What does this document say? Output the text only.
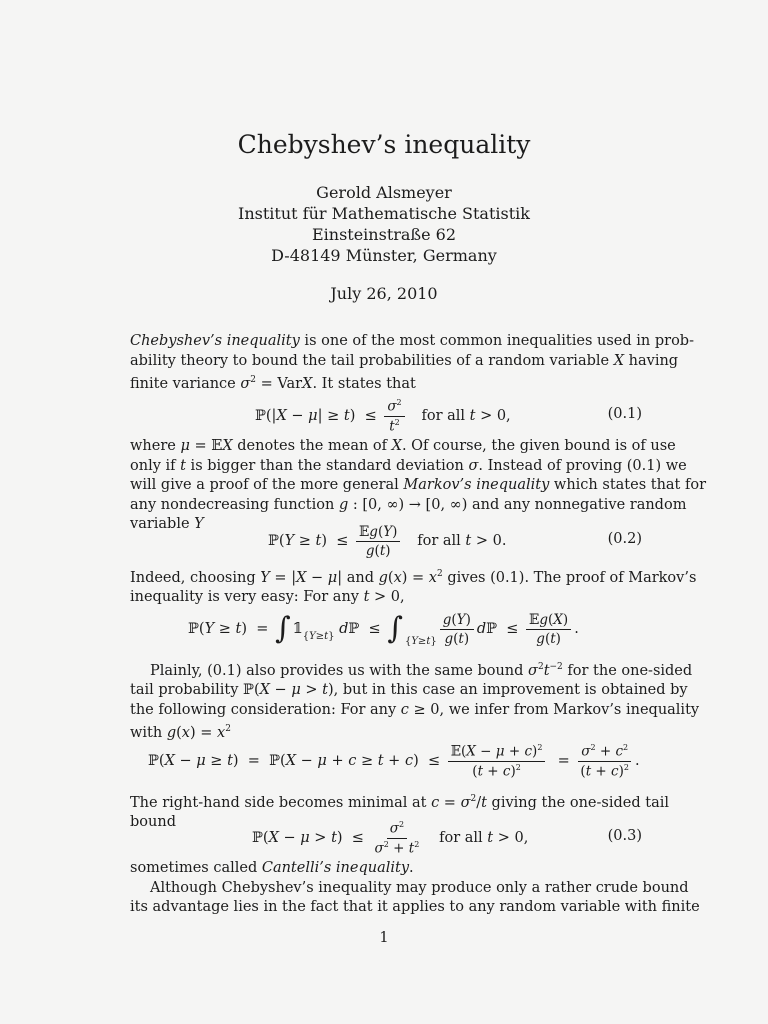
Chebyshev’s inequality
Gerold Alsmeyer
Institut für Mathematische Statistik
Einsteinstraße 62
D-48149 Münster, Germany
July 26, 2010
Chebyshev’s inequality is one of the most common inequalities used in prob-
ability theory to bound the tail probabilities of a random variable X having
finite variance $\sigma^2$ = VarX. It states that
ℙ(|X − $\mu| \ge t) \le \frac{\sigma^2}{t^2}$ for all t > 0,	(0.1)
where μ = 𝔼X denotes the mean of X. Of course, the given bound is of use
only if t is bigger than the standard deviation σ. Instead of proving (0.1) we
will give a proof of the more general Markov’s inequality which states that for
any nondecreasing function g : [0, ∞) → [0, ∞) and any nonnegative random
variable Y
ℙ(Y ≥ $t) \le \frac{\text{𝔼g(Y)}}{g(t)}$ for all t > 0.	(0.2)
Indeed, choosing Y = |X − μ| and $g(x) = x^2$ gives (0.1). The proof of Markov’s
inequality is very easy: For any t > 0,
ℙ(Y ≥ t)  = ∫ $𝟙_{\{Y\ge t\}}$ dℙ  ≤ ∫ $\{Y\ge t\} \frac{g(Y)}{g(t)}$ dℙ  ≤ $\frac{\text{𝔼g(X)}}{g(t)}$ .
Plainly, (0.1) also provides us with the same bound $\sigma^2t^{-2}$ for the one-sided
tail probability ℙ(X − μ > t), but in this case an improvement is obtained by
the following consideration: For any c ≥ 0, we infer from Markov’s inequality
with $g(x) = x^2$
ℙ(X − μ ≥ t)  =  ℙ(X − $\mu + c \ge t + c) \le \frac{𝔼(X - \mu + c)^2}{(t + c)^2} = \frac{\sigma^2 + c^2}{(t + c)^2}$ .
The right-hand side becomes minimal at $c = \sigma^2/t$ giving the one-sided tail
bound
ℙ(X − $\mu > t) \le \frac{\sigma^2}{\sigma^2 + t^2}$ for all t > 0,	(0.3)
sometimes called Cantelli’s inequality.
Although Chebyshev’s inequality may produce only a rather crude bound
its advantage lies in the fact that it applies to any random variable with finite
1
